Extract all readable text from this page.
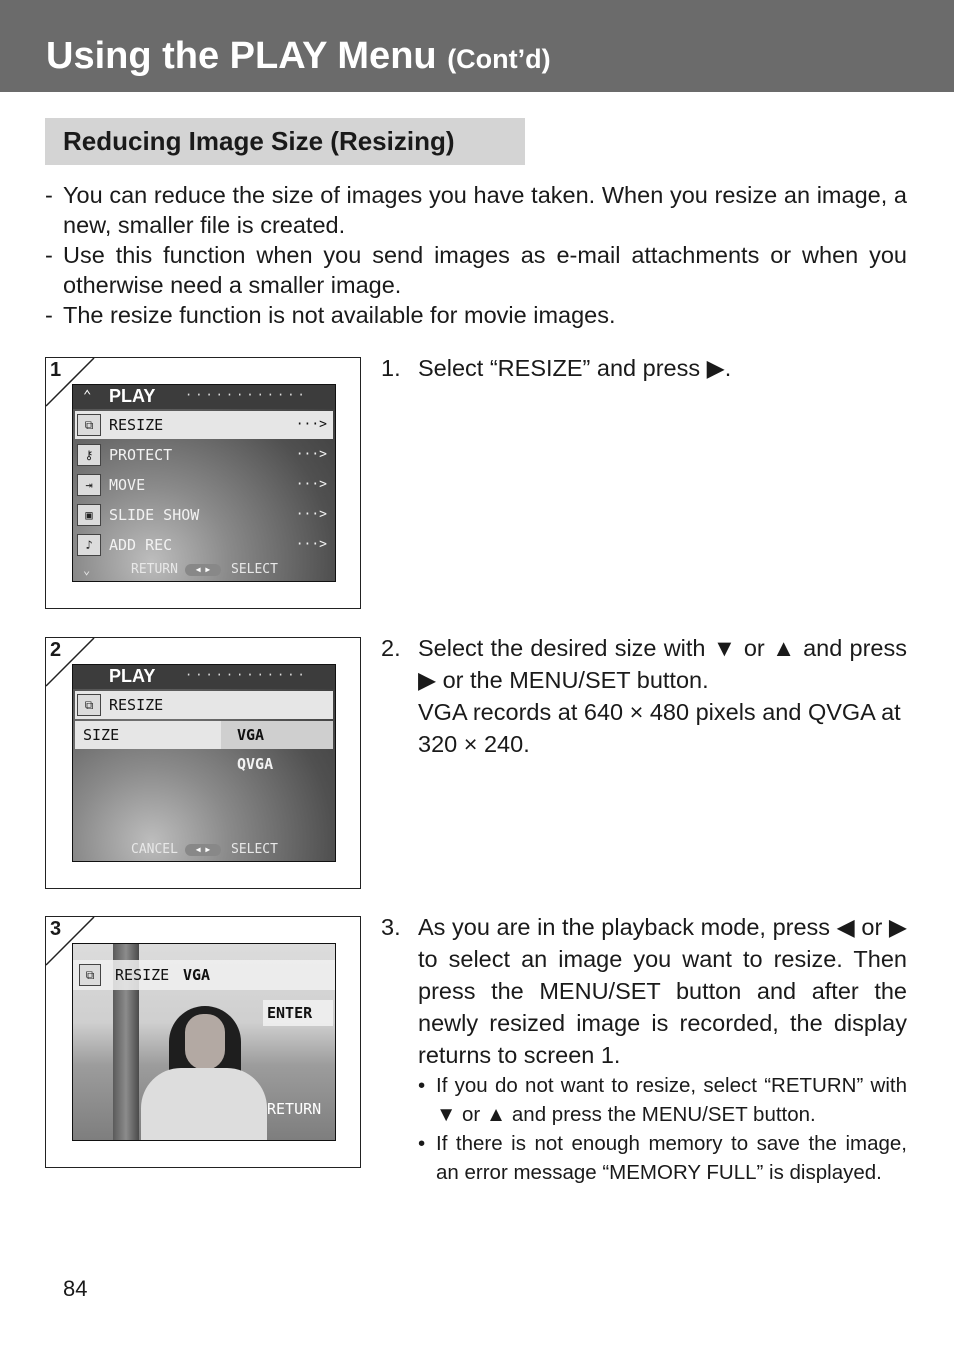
Using the PLAY Menu (Cont’d)
Reducing Image Size (Resizing)

- You can reduce the size of images you have taken. When you resize an image, a new, smaller file is created.

- Use this function when you send images as e-mail attachments or when you otherwise need a smaller image.

- The resize function is not available for movie images.

1
⌃ PLAY ············
⧉	RESIZE	···>
⚷	PROTECT	···>
⇥	MOVE	···>
▣	SLIDE SHOW	···>
♪	ADD REC	···>
⌄	RETURN	◀ ▶	SELECT
2
PLAY ············
⧉	RESIZE
SIZE	VGA
QVGA
CANCEL	◀ ▶	SELECT
3
⧉	RESIZE VGA
ENTER
RETURN
1. Select “RESIZE” and press ▶.
2. Select the desired size with ▼ or ▲ and press ▶ or the MENU/SET button.
VGA records at 640 × 480 pixels and QVGA at 320 × 240.
3. As you are in the playback mode, press ◀ or ▶ to select an image you want to resize. Then press the MENU/SET button and after the newly resized image is recorded, the display returns to screen 1.
• If you do not want to resize, select “RETURN” with ▼ or ▲ and press the MENU/SET button.
• If there is not enough memory to save the image, an error message “MEMORY FULL” is displayed.
84
